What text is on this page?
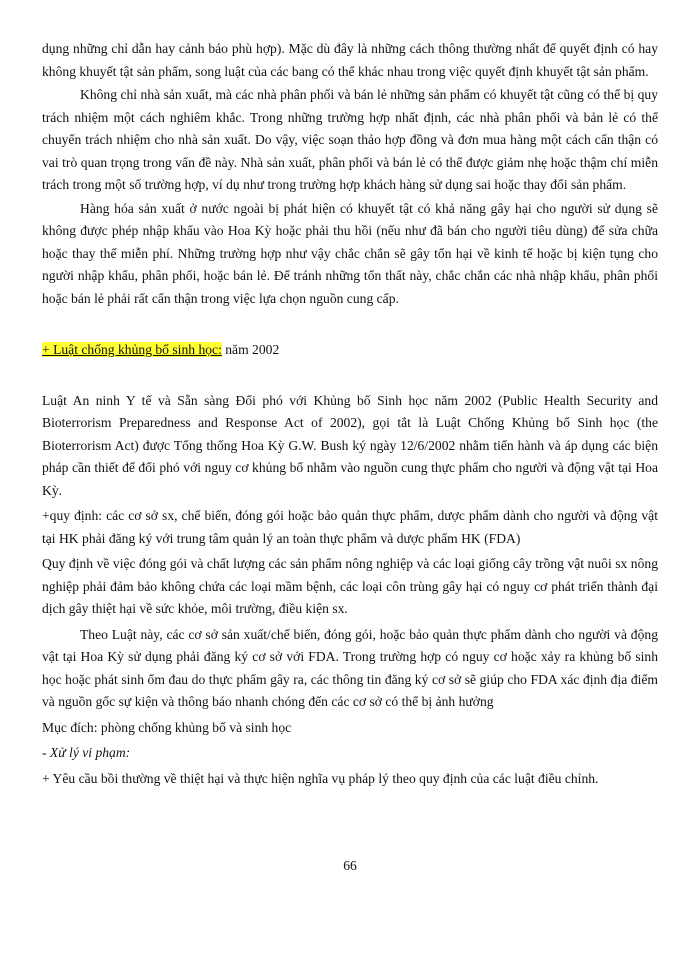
dụng những chỉ dẫn hay cảnh báo phù hợp). Mặc dù đây là những cách thông thường nhất để quyết định có hay không khuyết tật sản phẩm, song luật của các bang có thể khác nhau trong việc quyết định khuyết tật sản phẩm.

Không chỉ nhà sản xuất, mà các nhà phân phối và bán lẻ những sản phẩm có khuyết tật cũng có thể bị quy trách nhiệm một cách nghiêm khắc. Trong những trường hợp nhất định, các nhà phân phối và bản lẻ có thể chuyển trách nhiệm cho nhà sản xuất. Do vậy, việc soạn thảo hợp đồng và đơn mua hàng một cách cẩn thận có vai trò quan trọng trong vấn đề này. Nhà sản xuất, phân phối và bán lẻ có thể được giảm nhẹ hoặc thậm chí miễn trách trong một số trường hợp, ví dụ như trong trường hợp khách hàng sử dụng sai hoặc thay đổi sản phẩm.

Hàng hóa sản xuất ở nước ngoài bị phát hiện có khuyết tật có khả năng gây hại cho người sử dụng sẽ không được phép nhập khẩu vào Hoa Kỳ hoặc phải thu hồi (nếu như đã bán cho người tiêu dùng) để sửa chữa hoặc thay thế miễn phí. Những trường hợp như vậy chắc chắn sẽ gây tổn hại về kinh tế hoặc bị kiện tụng cho người nhập khẩu, phân phối, hoặc bán lẻ. Để tránh những tổn thất này, chắc chắn các nhà nhập khẩu, phân phối hoặc bán lẻ phải rất cẩn thận trong việc lựa chọn nguồn cung cấp.

+ Luật chống khủng bố sinh học: năm 2002

Luật An ninh Y tế và Sẵn sàng Đối phó với Khủng bố Sinh học năm 2002 (Public Health Security and Bioterrorism Preparedness and Response Act of 2002), gọi tắt là Luật Chống Khủng bố Sinh học (the Bioterrorism Act) được Tổng thống Hoa Kỳ G.W. Bush ký ngày 12/6/2002 nhằm tiến hành và áp dụng các biện pháp cần thiết để đối phó với nguy cơ khủng bố nhằm vào nguồn cung thực phẩm cho người và động vật tại Hoa Kỳ.

+quy định: các cơ sở sx, chế biến, đóng gói hoặc bảo quản thực phẩm, dược phẩm dành cho người và động vật tại HK phải đăng ký với trung tâm quản lý an toàn thực phẩm và dược phẩm HK (FDA)

Quy định về việc đóng gói và chất lượng các sản phẩm nông nghiệp và các loại giống cây trồng vật nuôi sx nông nghiệp phải đảm bảo không chứa các loại mầm bệnh, các loại côn trùng gây hại có nguy cơ phát triển thành đại dịch gây thiệt hại về sức khỏe, môi trường, điều kiện sx.

Theo Luật này, các cơ sở sản xuất/chế biến, đóng gói, hoặc bảo quản thực phẩm dành cho người và động vật tại Hoa Kỳ sử dụng phải đăng ký cơ sở với FDA. Trong trường hợp có nguy cơ hoặc xảy ra khủng bố sinh học hoặc phát sinh ốm đau do thực phẩm gây ra, các thông tin đăng ký cơ sở sẽ giúp cho FDA xác định địa điểm và nguồn gốc sự kiện và thông báo nhanh chóng đến các cơ sở có thể bị ảnh hưởng

Mục đích: phòng chống khủng bố và sinh học

- Xử lý vi phạm:

+ Yêu cầu bồi thường về thiệt hại và thực hiện nghĩa vụ pháp lý theo quy định của các luật điều chỉnh.

66
